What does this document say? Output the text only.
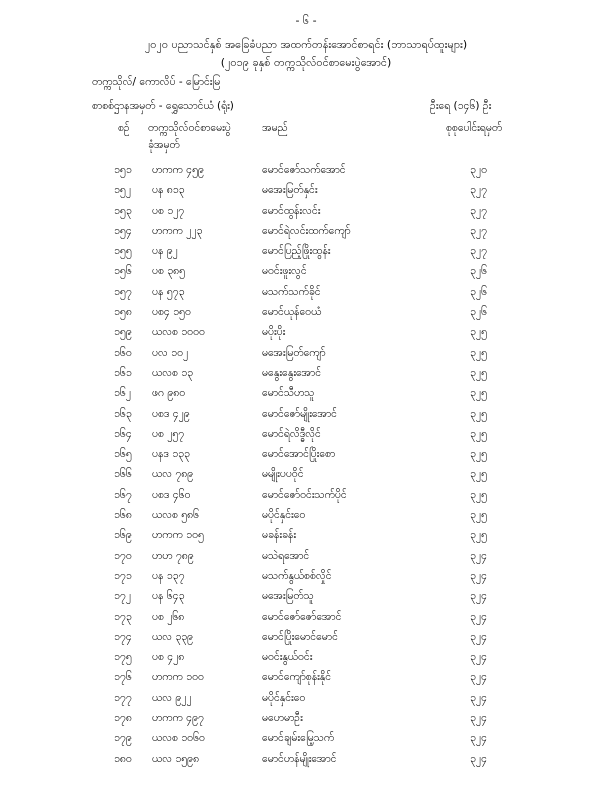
- ၆ -
၂၀၂၀ ပညာသင်နှစ် အခြေခံပညာ အထက်တန်းအောင်စာရင်း (ဘာသာရပ်ထူးများ)
(၂၀၁၉ ခုနှစ် တက္ကသိုလ်ဝင်စာမေးပွဲအောင်)
တက္ကသိုလ်/ ကောလိပ် - မြောင်းမြ
စာစစ်ဌာနအမှတ် - ရွှေသောင်ယံ (ရုံး)	ဦးရေ (၁၄၆) ဦး
စဉ် တက္ကသိုလ်ဝင်စာမေးပွဲ
ခုံအမှတ်
အမည်	စုစုပေါင်းရမှတ်
၁၅၁ ဟကက ၄၅၉	မောင်ဇော်သက်အောင်	၃၂၀
၁၅၂ ပန ၈၁၃	မအေးမြတ်နှင်း	၃၂၇
၁၅၃ ပစ ၁၂၇	မောင်ထွန်းလင်း	၃၂၇
၁၅၄ ဟကက ၂၂၃	မောင်ရဲလင်းထက်ကျော်	၃၂၇
၁၅၅ ပန ၉၂	မောင်ပြည့်ဖြိုးထွန်း	၃၂၇
၁၅၆ ပစ ၃၈၅	မဝင်းဖူးလွင်	၃၂၆
၁၅၇ ပန ၅၇၃	မသက်သက်ခိုင်	၃၂၆
၁၅၈ ပစ၄ ၁၅၀	မောင်ယုန်ဝေယံ	၃၂၆
၁၅၉ ယလစ ၁၀၀၀	မပိုးပိုး	၃၂၅
၁၆၀ ပလ ၁၀၂	မအေးမြတ်ကျော်	၃၂၅
၁၆၁ ယလစ ၁၃	မနွေးနွေးအောင်	၃၂၅
၁၆၂ ဖဂ ၉၈၀	မောင်သီဟသူ	၃၂၅
၁၆၃ ပစဒ ၄၂၉	မောင်ဇော်မျိုးအောင်	၃၂၅
၁၆၄ ပစ ၂၅၇	မောင်ရဲလိဒ္ဓီလိုင်	၃၂၅
၁၆၅ ပနဒ ၁၃၃	မောင်အောင်ပြိုးစော	၃၂၅
၁၆၆ ယလ ၇၈၉	မမျိုးပပဝိုင်	၃၂၅
၁၆၇ ပစဒ ၄၆၀	မောင်ဇော်ဝင်းသက်ပိုင်	၃၂၅
၁၆၈ ယလစ ၅၈၆	မပိုင်နှင်းဝေ	၃၂၅
၁၆၉ ဟကက ၁၀၅	မခန်းခန်း	၃၂၅
၁၇၀ ဟဟ ၇၈၉	မသဲရအောင်	၃၂၄
၁၇၁ ပန ၁၃၇	မသက်နွယ်စစ်လှိုင်	၃၂၄
၁၇၂ ပန ၆၄၃	မအေးမြတ်သူ	၃၂၄
၁၇၃ ပစ ၂၆၈	မောင်ဇော်ဇော်အောင်	၃၂၄
၁၇၄ ယလ ၃၃၉	မောင်ပြိုးမောင်မောင်	၃၂၄
၁၇၅ ပစ ၄၂၈	မဝင်းနွယ်ဝင်း	၃၂၄
၁၇၆ ဟကက ၁၀၀	မောင်ကျော်စုန်းနိုင်	၃၂၄
၁၇၇ ယလ ၉၂၂	မပိုင်နှင်းဝေ	၃၂၄
၁၇၈ ဟကက ၄၉၇	မဟေမာဦး	၃၂၄
၁၇၉ ယလစ ၁၀၆၀	မောင်ချမ်းမြေ့သက်	၃၂၄
၁၈၀ ယလ ၁၅၉၈	မောင်ဟန်မျိုးအောင်	၃၂၄
